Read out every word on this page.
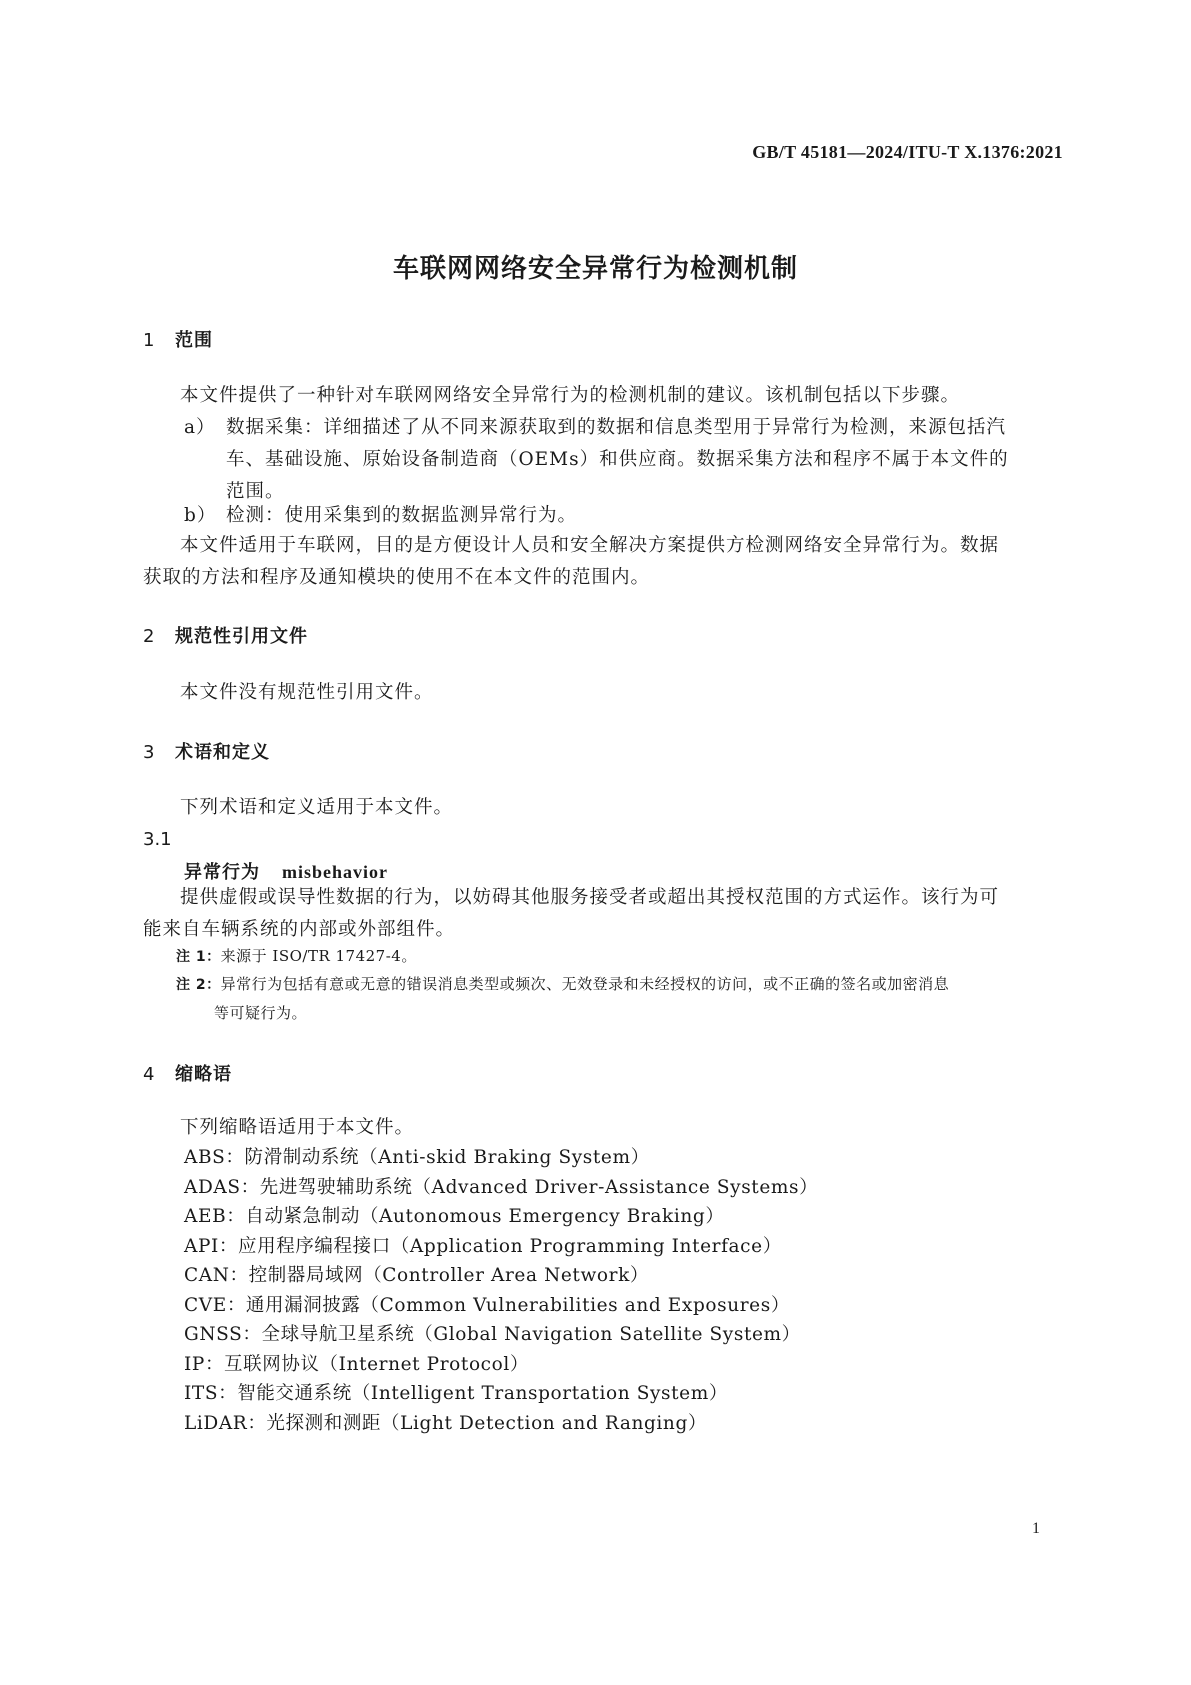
GB/T 45181—2024/ITU-T X.1376:2021
车联网网络安全异常行为检测机制
1 范围
本文件提供了一种针对车联网网络安全异常行为的检测机制的建议。该机制包括以下步骤。
a） 数据采集：详细描述了从不同来源获取到的数据和信息类型用于异常行为检测，来源包括汽
车、基础设施、原始设备制造商（OEMs）和供应商。数据采集方法和程序不属于本文件的
范围。
b） 检测：使用采集到的数据监测异常行为。
本文件适用于车联网，目的是方便设计人员和安全解决方案提供方检测网络安全异常行为。数据
获取的方法和程序及通知模块的使用不在本文件的范围内。
2 规范性引用文件
本文件没有规范性引用文件。
3 术语和定义
下列术语和定义适用于本文件。
3.1
异常行为 misbehavior
提供虚假或误导性数据的行为，以妨碍其他服务接受者或超出其授权范围的方式运作。该行为可
能来自车辆系统的内部或外部组件。
注 1：来源于 ISO/TR 17427-4。
注 2：异常行为包括有意或无意的错误消息类型或频次、无效登录和未经授权的访问，或不正确的签名或加密消息
等可疑行为。
4 缩略语
下列缩略语适用于本文件。
ABS：防滑制动系统（Anti-skid Braking System）
ADAS：先进驾驶辅助系统（Advanced Driver-Assistance Systems）
AEB：自动紧急制动（Autonomous Emergency Braking）
API：应用程序编程接口（Application Programming Interface）
CAN：控制器局域网（Controller Area Network）
CVE：通用漏洞披露（Common Vulnerabilities and Exposures）
GNSS：全球导航卫星系统（Global Navigation Satellite System）
IP：互联网协议（Internet Protocol）
ITS：智能交通系统（Intelligent Transportation System）
LiDAR：光探测和测距（Light Detection and Ranging）
1
